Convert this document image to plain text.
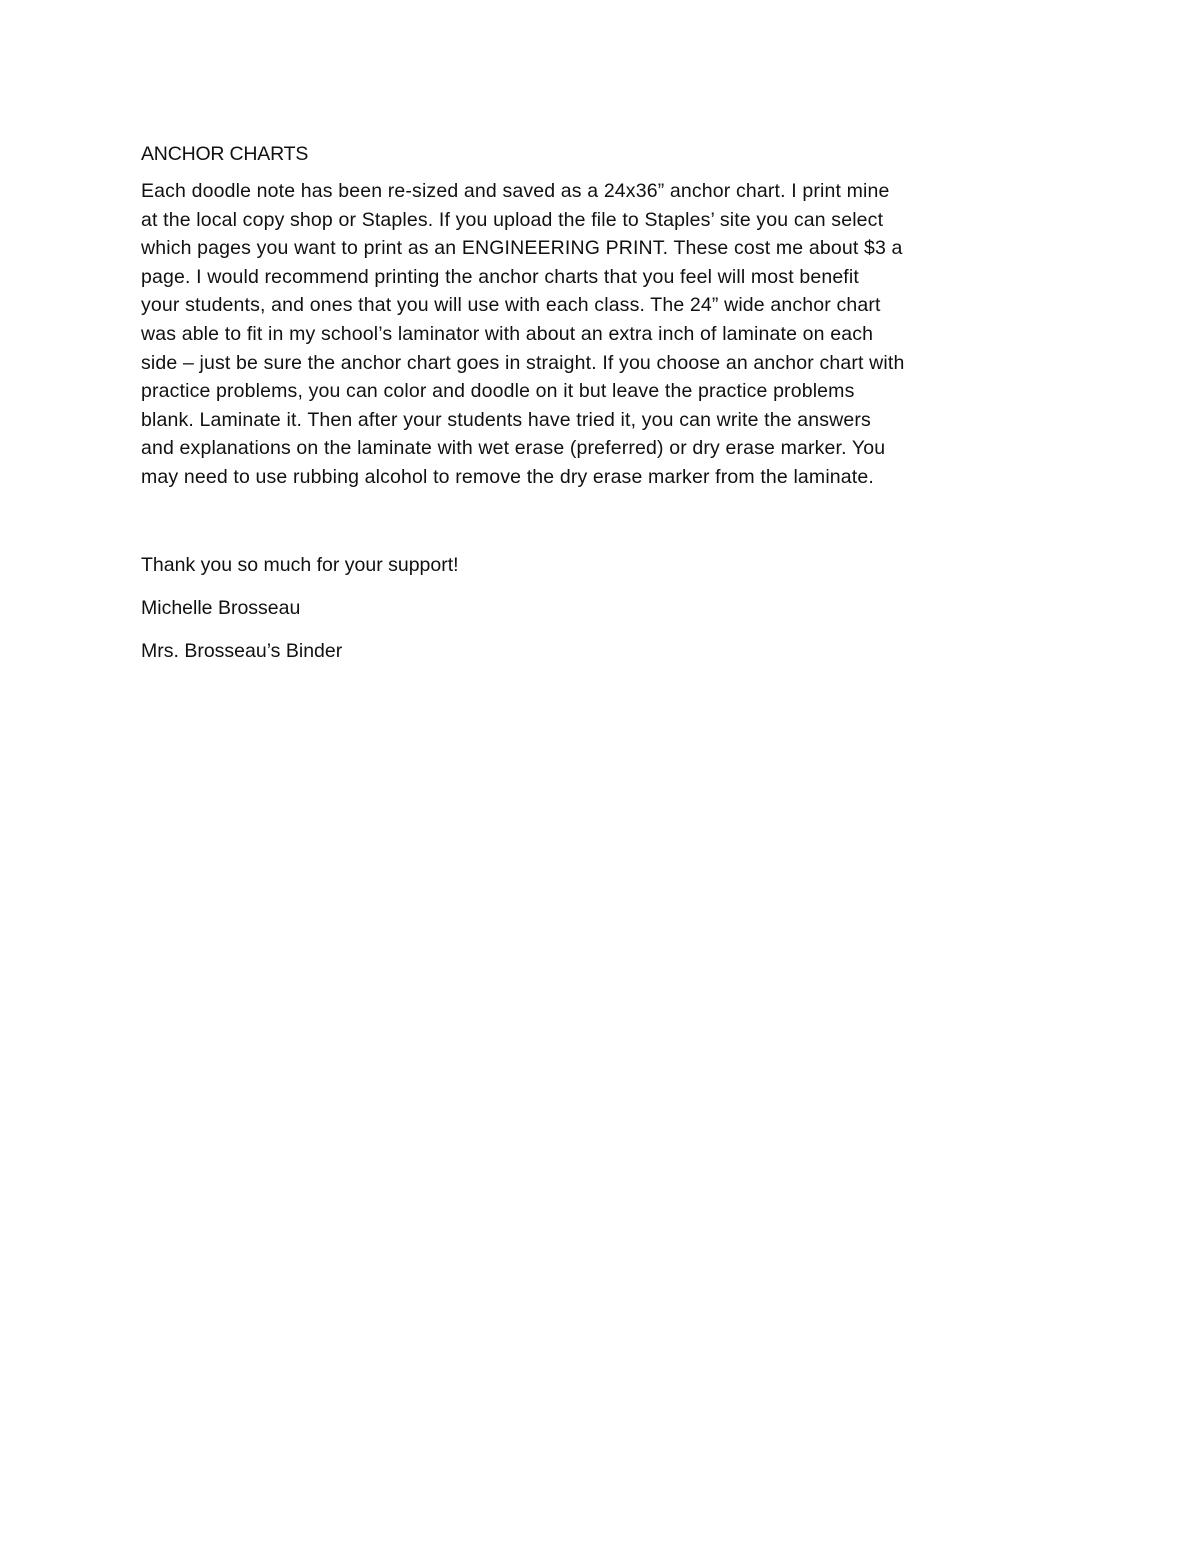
ANCHOR CHARTS

Each doodle note has been re-sized and saved as a 24x36” anchor chart. I print mine
at the local copy shop or Staples. If you upload the file to Staples’ site you can select
which pages you want to print as an ENGINEERING PRINT. These cost me about $3 a
page. I would recommend printing the anchor charts that you feel will most benefit
your students, and ones that you will use with each class. The 24” wide anchor chart
was able to fit in my school’s laminator with about an extra inch of laminate on each
side – just be sure the anchor chart goes in straight. If you choose an anchor chart with
practice problems, you can color and doodle on it but leave the practice problems
blank. Laminate it. Then after your students have tried it, you can write the answers
and explanations on the laminate with wet erase (preferred) or dry erase marker. You
may need to use rubbing alcohol to remove the dry erase marker from the laminate.

Thank you so much for your support!

Michelle Brosseau

Mrs. Brosseau’s Binder
